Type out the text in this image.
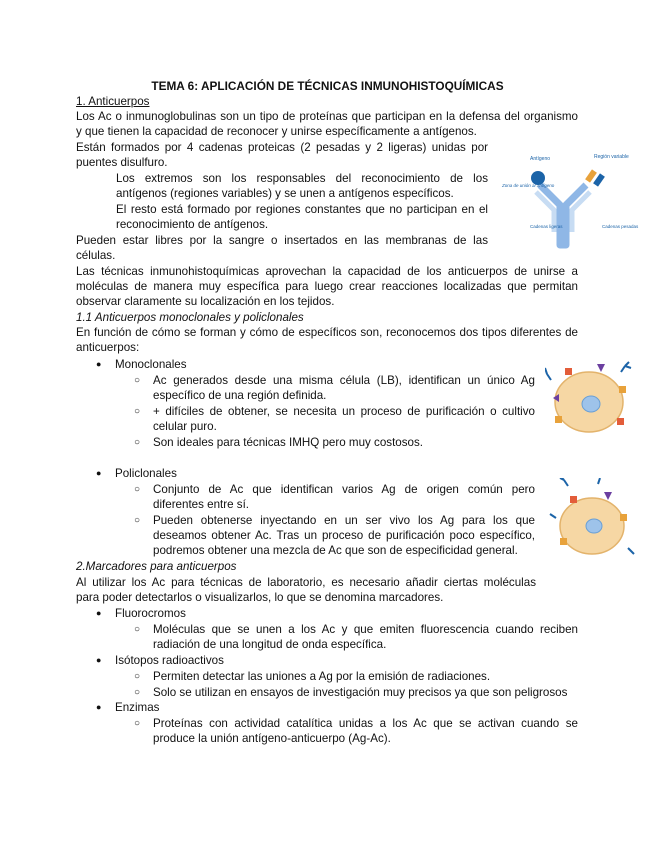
TEMA 6: APLICACIÓN DE TÉCNICAS INMUNOHISTOQUÍMICAS
1. Anticuerpos
Los Ac o inmunoglobulinas son un tipo de proteínas que participan en la defensa del organismo
y que tienen la capacidad de reconocer y unirse específicamente a antígenos.
Están formados por 4 cadenas proteicas (2 pesadas y 2 ligeras) unidas por
puentes disulfuro.
Los extremos son los responsables del reconocimiento de los
antígenos (regiones variables) y se unen a antígenos específicos.
El resto está formado por regiones constantes que no participan en el
reconocimiento de antígenos.
Pueden estar libres por la sangre o insertados en las membranas de las
células.
Las técnicas inmunohistoquímicas aprovechan la capacidad de los anticuerpos de unirse a
moléculas de manera muy específica para luego crear reacciones localizadas que permitan
observar claramente su localización en los tejidos.
1.1 Anticuerpos monoclonales y policlonales
En función de cómo se forman y cómo de específicos son, reconocemos dos tipos diferentes de
anticuerpos:
● Monoclonales
○ Ac generados desde una misma célula (LB), identifican un único Ag
específico de una región definida.
○ + difíciles de obtener, se necesita un proceso de purificación o cultivo
celular puro.
○ Son ideales para técnicas IMHQ pero muy costosos.
● Policlonales
○ Conjunto de Ac que identifican varios Ag de origen común pero
diferentes entre sí.
○ Pueden obtenerse inyectando en un ser vivo los Ag para los que
deseamos obtener Ac. Tras un proceso de purificación poco específico,
podremos obtener una mezcla de Ac que son de especificidad general.
2.Marcadores para anticuerpos
Al utilizar los Ac para técnicas de laboratorio, es necesario añadir ciertas moléculas
para poder detectarlos o visualizarlos, lo que se denomina marcadores.
● Fluorocromos
○ Moléculas que se unen a los Ac y que emiten fluorescencia cuando reciben
radiación de una longitud de onda específica.
● Isótopos radioactivos
○ Permiten detectar las uniones a Ag por la emisión de radiaciones.
○ Solo se utilizan en ensayos de investigación muy precisos ya que son peligrosos
● Enzimas
○ Proteínas con actividad catalítica unidas a los Ac que se activan cuando se
produce la unión antígeno-anticuerpo (Ag-Ac).
Antígeno	Región variable
Zona de unión al antígeno
Cadenas ligeras	Cadenas pesadas
